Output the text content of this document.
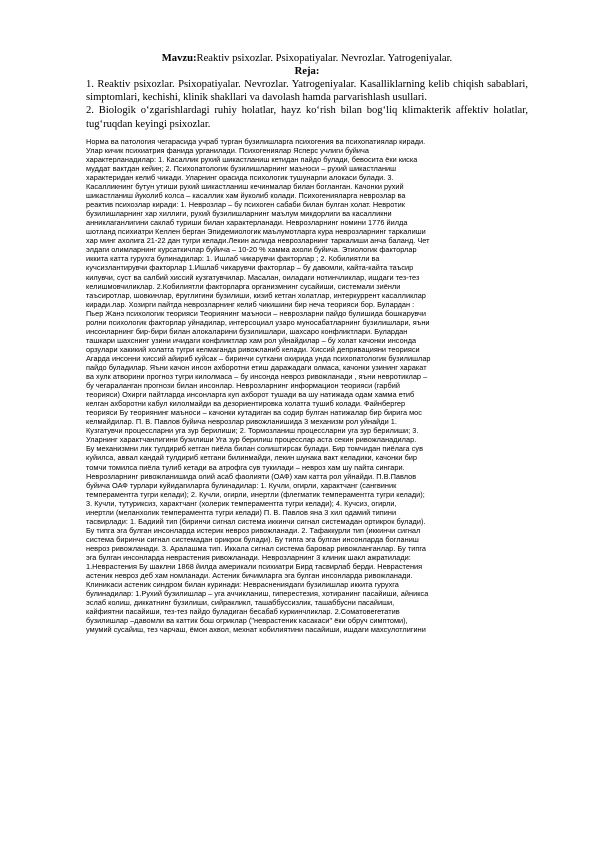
Mavzu:Reaktiv psixozlar. Psixopatiyalar. Nevrozlar. Yatrogeniyalar.
Reja:
1. Reaktiv psixozlar. Psixopatiyalar. Nevrozlar. Yatrogeniyalar. Kasalliklarning kelib chiqish sabablari, simptomlari, kechishi, klinik shakllari va davolash hamda parvarishlash usullari.
2. Biologik o‘zgarishlardagi ruhiy holatlar, hayz ko‘rish bilan bog‘liq klimakterik affektiv holatlar, tug‘ruqdan keyingi psixozlar.
Норма ва патология чегарасида учраб турган бузилишларга психогения ва психопатиялар киради.
Улар кичик психиатрия фанида урганилади. Психогениялар Ясперс учлиги буйича
характерланадилар: 1. Касаллик рухий шикастланиш кетидан пайдо булади, бевосита ёки киска
муддат вактдан кейин; 2. Психопатологик бузилишларнинг маъноси – рухий шикастланиш
характеридан келиб чикади. Уларнинг орасида психологик тушунарли алокаси булади. 3.
Касалликнинг бутун утиши рухий шикастланиш кечинмалар билан богланган. Качонки рухий
шикастланиш йуколиб колса – касаллик хам йуколиб колади. Психогенияларга неврозлар ва
реактив психозлар киради: 1. Неврозлар – бу психоген сабаби билан булган холат. Невротик
бузилишларнинг хар хиллиги, рухий бузилишларнинг маълум микдорлиги ва касалликни
анниклаганлигини саклаб туриши билан характерланади. Неврозларнинг номини 1776 йилда
шотланд психиатри Келлен берган Эпидемиологик маълумотларга кура неврозларнинг таркалиши
хар минг ахолига 21-22 дан тугри келади.Лекин аслида неврозларнинг таркалиши анча баланд. Чет
элдаги олимларнинг курсаткичлар буйича – 10-20 % хамма ахоли буйича. Этиологик факторлар
иккита катта гурухга булинадилар: 1. Ишлаб чикарувчи факторлар ; 2. Кобилиятли ва
кучсизлантирувчи факторлар 1.Ишлаб чикарувчи факторлар – бу давомли, кайта-кайта таъсир
килувчи, суст ва салбий хиссий кузгатувчилар. Масалан, оиладаги нотинчликлар, ишдаги тез-тез
келишмовчиликлар. 2.Кобилиятли факторларга организмнинг сусайиши, системали зиёнли
таъсиротлар, шовкинлар, ёруглигини бузилиши, кизиб кетган холатлар, интеркуррент касалликлар
киради.лар. Хозирги пайтда неврозларнинг келиб чикишини бир неча теорияси бор. Булардан :
Пьер Жанэ психологик теорияси Теориянинг маъноси – неврозларни пайдо булишида бошкарувчи
ролни психологик факторлар уйнадилар, интерсоциал узаро муносабатларнинг бузилишлари, яъни
инсонларнинг бир-бири билан алокаларини бузилишлари, шахсаро конфликтлари. Булардан
ташкари шахснинг узини ичидаги конфликтлар хам рол уйнайдилар – бу холат качонки инсонда
орзулари хакикий холатга тугри келмаганда ривожланиб келади. Хиссий депривацияни теорияси
Агарда инсонни хиссий айириб куйсак – биринчи суткани охирида унда психопатологик бузилишлар
пайдо буладилар. Яъни качон инсон ахборотни етиш даражадаги олмаса, качонки узининг харакат
ва хулк атворини прогноз тугри килолмаса – бу инсонда невроз ривожланади , яъни невротиклар –
бу чегараланган прогнози билан инсонлар. Неврозларнинг информацион теорияси (гарбий
теорияси) Охирги пайтларда инсонларга куп ахборот тушади ва шу натижада одам хамма етиб
келган ахборотни кабул килолмайди ва дезориентировка холатга тушиб колади. Файнбергер
теорияси Бу теориянинг маъноси – качонки кутадиган ва содир булган натижалар бир бирига мос
келмайдилар. П. В. Павлов буйича неврозлар ривожланишида 3 механизм рол уйнайди 1.
Кузгатувчи процессларни уга зур берилиши; 2. Тормозланиш процессларни уга зур берилиши; 3.
Уларнинг характчанлигини бузилиши Уга зур берилиш процесслар аста секин ривожланадилар.
Бу механизмни лик тулдириб кетган пиёла билан солиштирсак булади. Бир томчидан пиёлага сув
куйилса, аввал кандай тулдириб кетгани билинмайди, лекин шунака вакт келадики, качонки бир
томчи томилса пиёла тулиб кетади ва атрофга сув тукилади – невроз хам шу пайта сингари.
Неврозларнинг ривожланишида олий асаб фаолияти (ОАФ) хам катта рол уйнайди. П.В.Павлов
буйича ОАФ турлари куйидагиларга булинадилар: 1. Кучли, огирли, характчанг (сангвиник
темпераментга тугри келади); 2. Кучли, огирли, инертли (флегматик темпераментга тугри келади);
3. Кучли, тутуриксиз, характчанг (холерик темпераментга тугри келади); 4. Кучсиз, огирли,
инертли (меланхолик темпераментга тугри келади) П. В. Павлов яна 3 хил одамий типини
тасвирлади: 1. Бадиий тип (биринчи сигнал система иккинчи сигнал системадан ортикрок булади).
Бу типга эга булган инсонларда истерик невроз ривожланади. 2. Тафаккурли тип (иккинчи сигнал
система биринчи сигнал системадан орикрок булади). Бу типга эга булган инсонларда богланиш
невроз ривожланади. 3. Аралашма тип. Иккала сигнал система баровар ривожланганлар. Бу типга
эга булган инсонларда неврастения ривожланади. Неврозларнинг 3 клиник шакл ажратилади:
1.Неврастения Бу шаклни 1868 йилда америкали психиатри Бирд тасвирлаб берди. Неврастения
астеник невроз деб хам номланади. Астеник бичимларга эга булган инсонларда ривожланади.
Клиникаси астеник синдром билан куринади: Невраснениядаги бузилишлар иккита гурухга
булинадилар: 1.Рухий бузилишлар – уга аччикланиш, гиперестезия, хотиранинг пасайиши, айникса
эслаб колиш, диккатнинг бузилиши, сийракликл, ташаббуссизлик, ташаббусни пасайиши,
кайфиятни пасайиши, тез-тез пайдо буладиган бесабаб куркинчликлар. 2.Соматовегетатив
бузилишлар –давомли ва каттик бош огриклар ("неврастеник касакаси" ёки обруч симптоми),
умумий сусайиш, тез чарчаш, ёмон ахвол, мехнат кобилиятини пасайиши, ишдаги махсулотлигини
